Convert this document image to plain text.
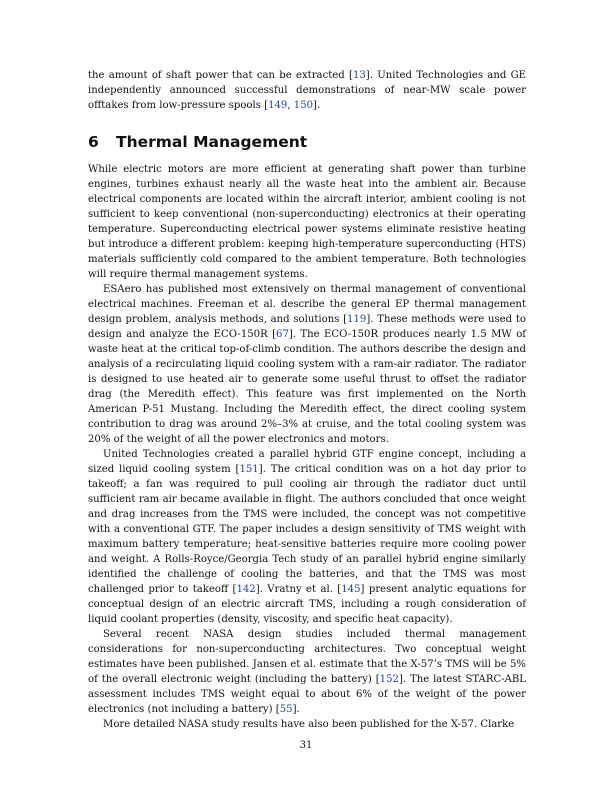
the amount of shaft power that can be extracted [13]. United Technologies and GE independently announced successful demonstrations of near-MW scale power offtakes from low-pressure spools [149, 150].

6 Thermal Management

While electric motors are more efficient at generating shaft power than turbine engines, turbines exhaust nearly all the waste heat into the ambient air. Because electrical components are located within the aircraft interior, ambient cooling is not sufficient to keep conventional (non-superconducting) electronics at their operating temperature. Superconducting electrical power systems eliminate resistive heating but introduce a different problem: keeping high-temperature superconducting (HTS) materials sufficiently cold compared to the ambient temperature. Both technologies will require thermal management systems.

ESAero has published most extensively on thermal management of conventional electrical machines. Freeman et al. describe the general EP thermal management design problem, analysis methods, and solutions [119]. These methods were used to design and analyze the ECO-150R [67]. The ECO-150R produces nearly 1.5 MW of waste heat at the critical top-of-climb condition. The authors describe the design and analysis of a recirculating liquid cooling system with a ram-air radiator. The radiator is designed to use heated air to generate some useful thrust to offset the radiator drag (the Meredith effect). This feature was first implemented on the North American P-51 Mustang. Including the Meredith effect, the direct cooling system contribution to drag was around 2%–3% at cruise, and the total cooling system was 20% of the weight of all the power electronics and motors.

United Technologies created a parallel hybrid GTF engine concept, including a sized liquid cooling system [151]. The critical condition was on a hot day prior to takeoff; a fan was required to pull cooling air through the radiator duct until sufficient ram air became available in flight. The authors concluded that once weight and drag increases from the TMS were included, the concept was not competitive with a conventional GTF. The paper includes a design sensitivity of TMS weight with maximum battery temperature; heat-sensitive batteries require more cooling power and weight. A Rolls-Royce/Georgia Tech study of an parallel hybrid engine similarly identified the challenge of cooling the batteries, and that the TMS was most challenged prior to takeoff [142]. Vratny et al. [145] present analytic equations for conceptual design of an electric aircraft TMS, including a rough consideration of liquid coolant properties (density, viscosity, and specific heat capacity).

Several recent NASA design studies included thermal management considerations for non-superconducting architectures. Two conceptual weight estimates have been published. Jansen et al. estimate that the X-57’s TMS will be 5% of the overall electronic weight (including the battery) [152]. The latest STARC-ABL assessment includes TMS weight equal to about 6% of the weight of the power electronics (not including a battery) [55].

More detailed NASA study results have also been published for the X-57. Clarke

31
